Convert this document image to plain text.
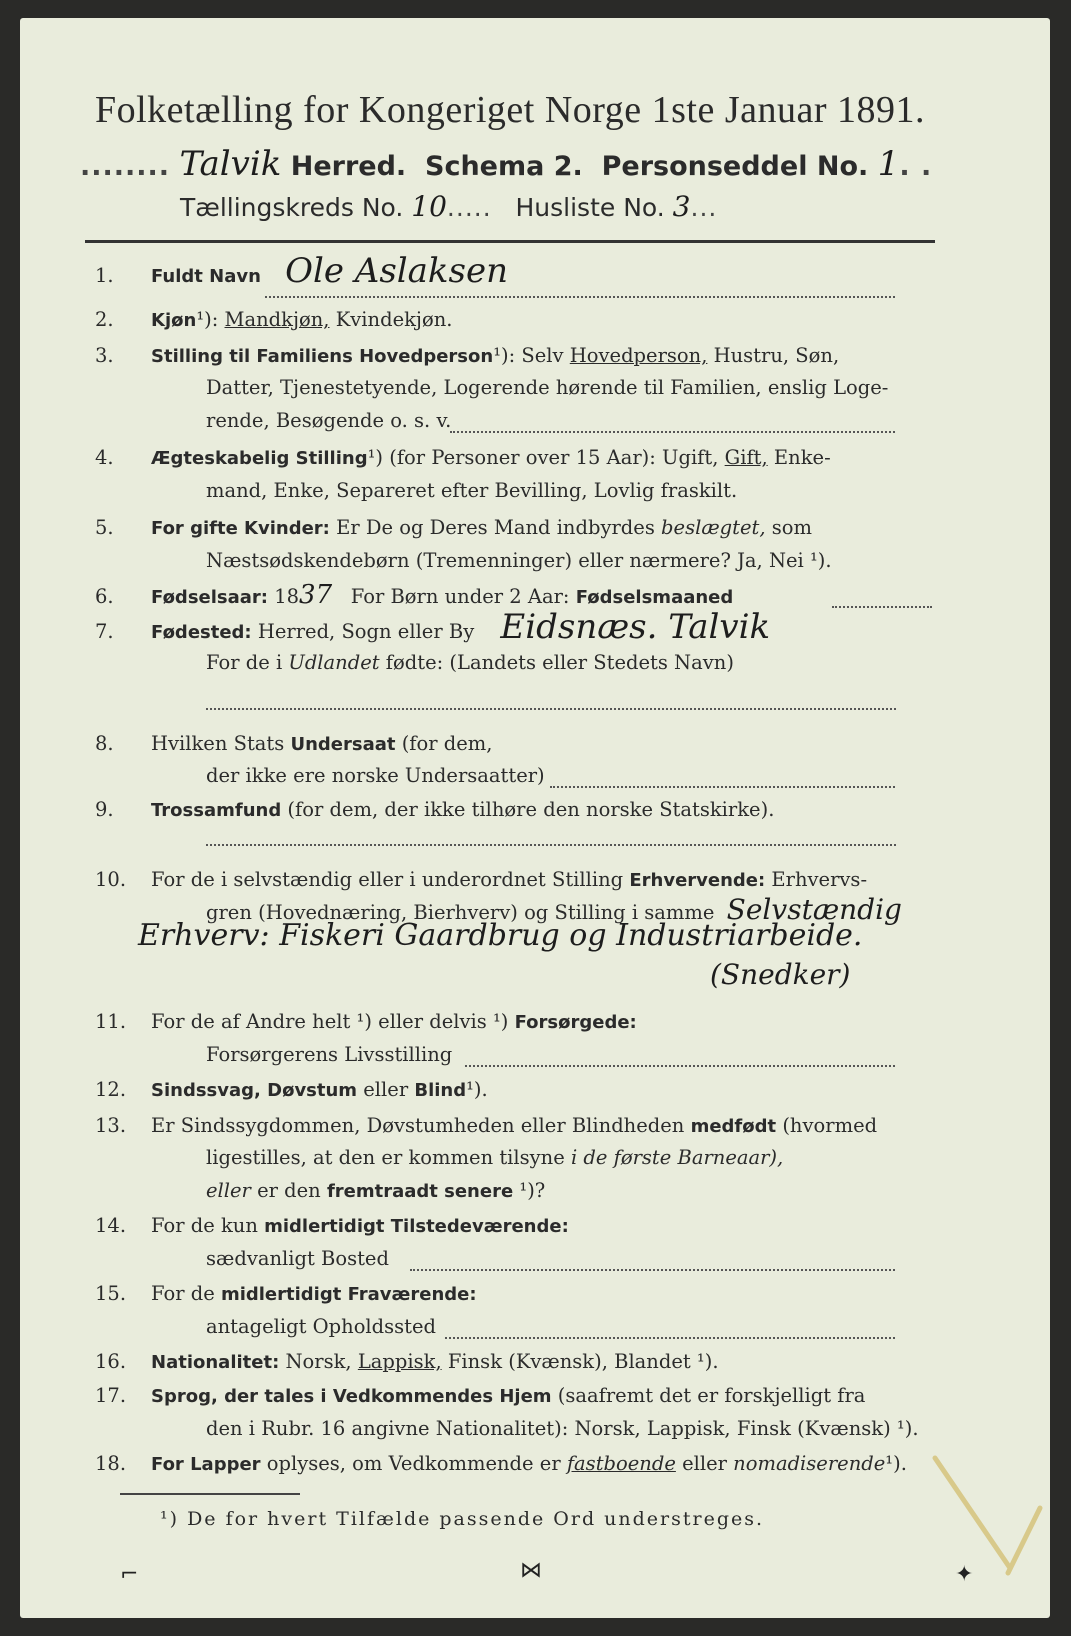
Folketælling for Kongeriget Norge 1ste Januar 1891.
........ Talvik Herred. Schema 2. Personseddel No. 1. .
Tællingskreds No. 10..... Husliste No. 3...
1. Fuldt Navn Ole Aslaksen
2. Kjøn¹): Mandkjøn, Kvindekjøn.
3. Stilling til Familiens Hovedperson¹): Selv Hovedperson, Hustru, Søn,
Datter, Tjenestetyende, Logerende hørende til Familien, enslig Loge-
rende, Besøgende o. s. v.
4. Ægteskabelig Stilling¹) (for Personer over 15 Aar): Ugift, Gift, Enke-
mand, Enke, Separeret efter Bevilling, Lovlig fraskilt.
5. For gifte Kvinder: Er De og Deres Mand indbyrdes beslægtet, som
Næstsødskendebørn (Tremenninger) eller nærmere? Ja, Nei ¹).
6. Fødselsaar: 1837 For Børn under 2 Aar: Fødselsmaaned
7. Fødested: Herred, Sogn eller By Eidsnæs. Talvik
For de i Udlandet fødte: (Landets eller Stedets Navn)
8. Hvilken Stats Undersaat (for dem,
der ikke ere norske Undersaatter)
9. Trossamfund (for dem, der ikke tilhøre den norske Statskirke).
10. For de i selvstændig eller i underordnet Stilling Erhvervende: Erhvervs-
gren (Hovednæring, Bierhverv) og Stilling i samme Selvstændig
Erhverv: Fiskeri Gaardbrug og Industriarbeide.
(Snedker)
11. For de af Andre helt ¹) eller delvis ¹) Forsørgede:
Forsørgerens Livsstilling
12. Sindssvag, Døvstum eller Blind¹).
13. Er Sindssygdommen, Døvstumheden eller Blindheden medfødt (hvormed
ligestilles, at den er kommen tilsyne i de første Barneaar),
eller er den fremtraadt senere ¹)?
14. For de kun midlertidigt Tilstedeværende:
sædvanligt Bosted
15. For de midlertidigt Fraværende:
antageligt Opholdssted
16. Nationalitet: Norsk, Lappisk, Finsk (Kvænsk), Blandet ¹).
17. Sprog, der tales i Vedkommendes Hjem (saafremt det er forskjelligt fra
den i Rubr. 16 angivne Nationalitet): Norsk, Lappisk, Finsk (Kvænsk) ¹).
18. For Lapper oplyses, om Vedkommende er fastboende eller nomadiserende¹).
¹) De for hvert Tilfælde passende Ord understreges.
⌐	⋈	✦
